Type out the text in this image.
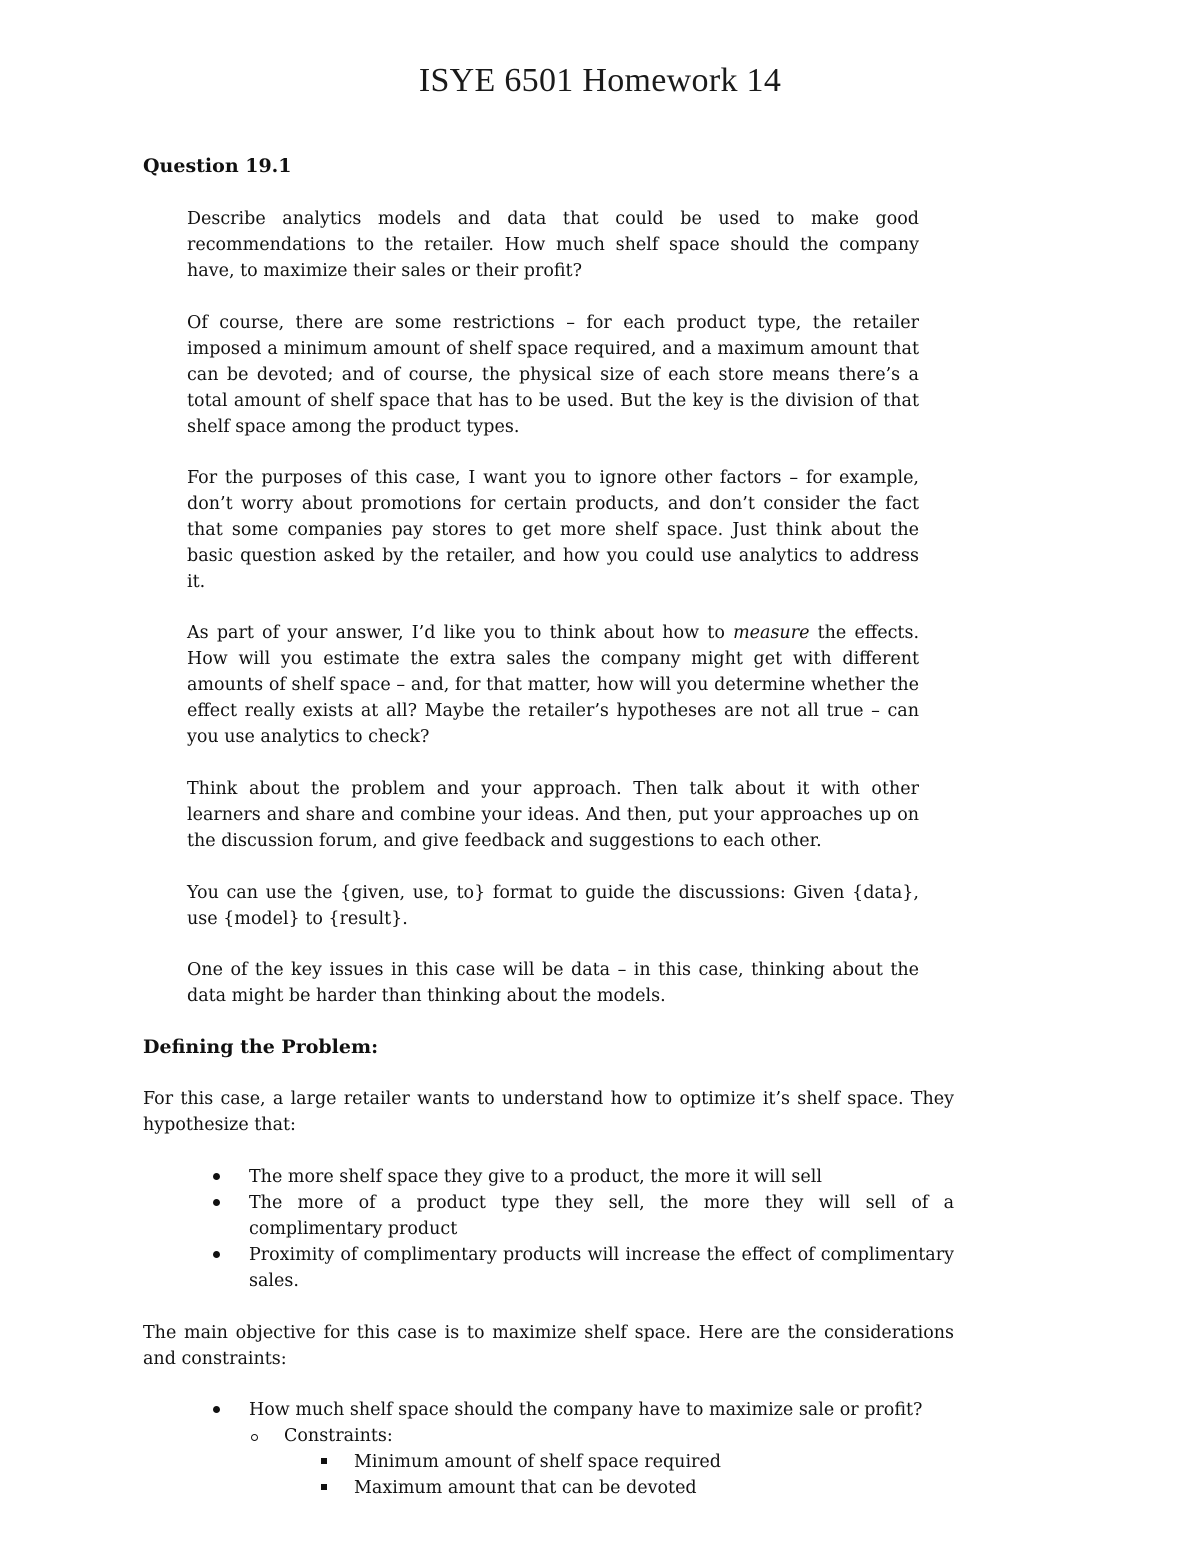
ISYE 6501 Homework 14
Question 19.1
Describe analytics models and data that could be used to make good recommendations to the retailer. How much shelf space should the company have, to maximize their sales or their profit?
Of course, there are some restrictions – for each product type, the retailer imposed a minimum amount of shelf space required, and a maximum amount that can be devoted; and of course, the physical size of each store means there’s a total amount of shelf space that has to be used. But the key is the division of that shelf space among the product types.
For the purposes of this case, I want you to ignore other factors – for example, don’t worry about promotions for certain products, and don’t consider the fact that some companies pay stores to get more shelf space. Just think about the basic question asked by the retailer, and how you could use analytics to address it.
As part of your answer, I’d like you to think about how to measure the effects. How will you estimate the extra sales the company might get with different amounts of shelf space – and, for that matter, how will you determine whether the effect really exists at all? Maybe the retailer’s hypotheses are not all true – can you use analytics to check?
Think about the problem and your approach. Then talk about it with other learners and share and combine your ideas. And then, put your approaches up on the discussion forum, and give feedback and suggestions to each other.
You can use the {given, use, to} format to guide the discussions: Given {data}, use {model} to {result}.
One of the key issues in this case will be data – in this case, thinking about the data might be harder than thinking about the models.
Defining the Problem:
For this case, a large retailer wants to understand how to optimize it’s shelf space. They hypothesize that:
The more shelf space they give to a product, the more it will sell
The more of a product type they sell, the more they will sell of a complimentary product
Proximity of complimentary products will increase the effect of complimentary sales.
The main objective for this case is to maximize shelf space. Here are the considerations and constraints:
How much shelf space should the company have to maximize sale or profit?
Constraints:
Minimum amount of shelf space required
Maximum amount that can be devoted
